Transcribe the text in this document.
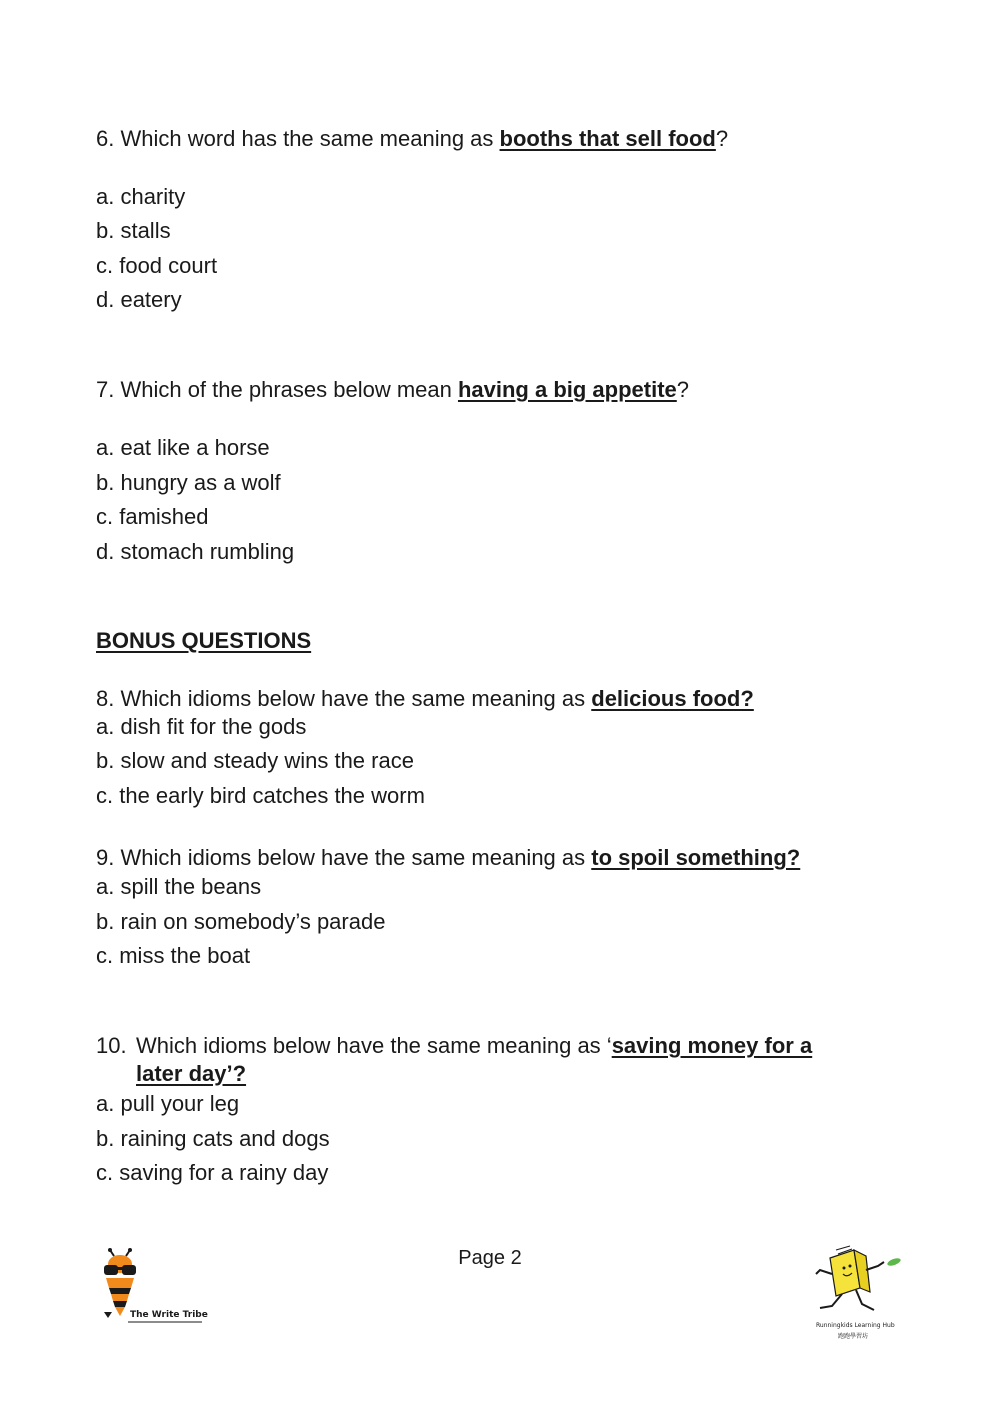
6. Which word has the same meaning as booths that sell food?
a. charity
b. stalls
c. food court
d. eatery
7. Which of the phrases below mean having a big appetite?
a. eat like a horse
b. hungry as a wolf
c. famished
d. stomach rumbling
BONUS QUESTIONS
8. Which idioms below have the same meaning as delicious food?
a. dish fit for the gods
b. slow and steady wins the race
c. the early bird catches the worm
9. Which idioms below have the same meaning as to spoil something?
a. spill the beans
b. rain on somebody’s parade
c. miss the boat
10. Which idioms below have the same meaning as ‘saving money for a
later day’?
a. pull your leg
b. raining cats and dogs
c. saving for a rainy day
Page 2
The Write Tribe
Runningkids Learning Hub
跑跑學習坊
